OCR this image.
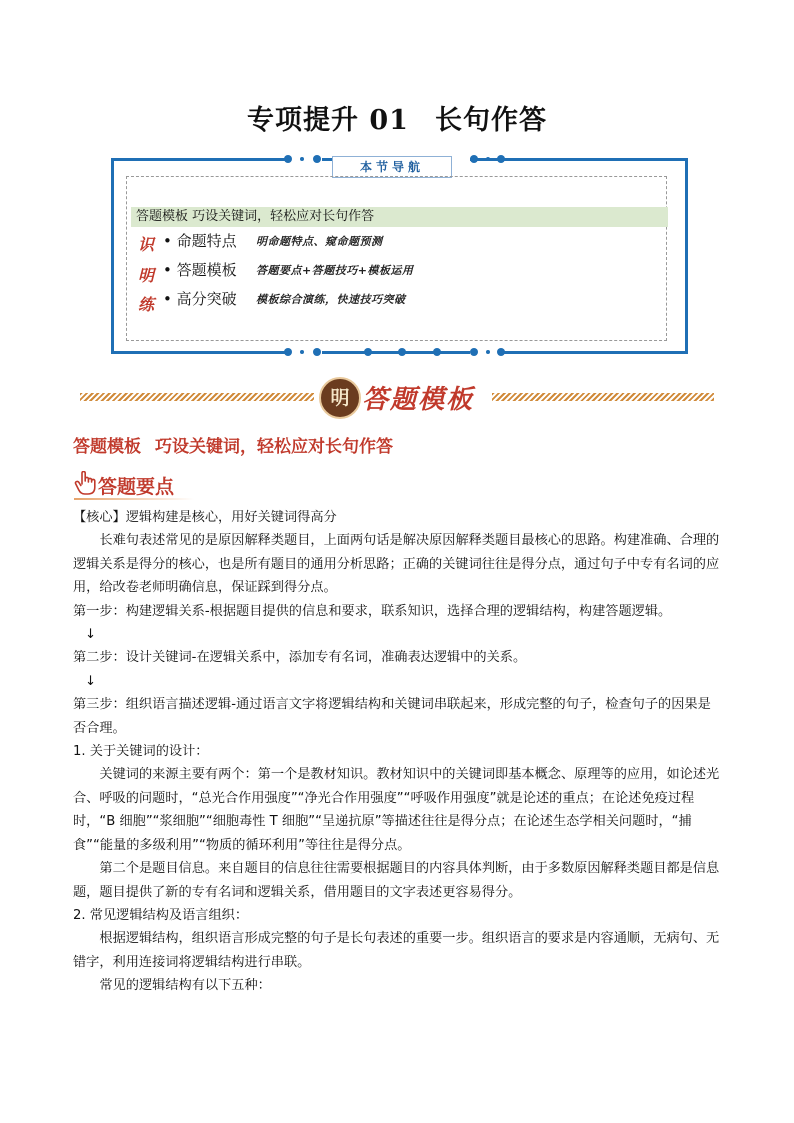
专项提升 01 长句作答
本节导航
答题模板 巧设关键词，轻松应对长句作答
识
明
练
• 命题特点 明命题特点、窥命题预测
• 答题模板 答题要点+答题技巧+模板运用
• 高分突破 模板综合演练，快速技巧突破
明 答题模板
答题模板 巧设关键词，轻松应对长句作答
答题要点

【核心】逻辑构建是核心，用好关键词得高分

长难句表述常见的是原因解释类题目，上面两句话是解决原因解释类题目最核心的思路。构建准确、合理的逻辑关系是得分的核心，也是所有题目的通用分析思路；正确的关键词往往是得分点，通过句子中专有名词的应用，给改卷老师明确信息，保证踩到得分点。

第一步：构建逻辑关系-根据题目提供的信息和要求，联系知识，选择合理的逻辑结构，构建答题逻辑。

↓

第二步：设计关键词-在逻辑关系中，添加专有名词，准确表达逻辑中的关系。

↓

第三步：组织语言描述逻辑-通过语言文字将逻辑结构和关键词串联起来，形成完整的句子，检查句子的因果是否合理。

1. 关于关键词的设计：

关键词的来源主要有两个：第一个是教材知识。教材知识中的关键词即基本概念、原理等的应用，如论述光合、呼吸的问题时，“总光合作用强度”“净光合作用强度”“呼吸作用强度”就是论述的重点；在论述免疫过程时，“B 细胞”“浆细胞”“细胞毒性 T 细胞”“呈递抗原”等描述往往是得分点；在论述生态学相关问题时，“捕食”“能量的多级利用”“物质的循环利用”等往往是得分点。

第二个是题目信息。来自题目的信息往往需要根据题目的内容具体判断，由于多数原因解释类题目都是信息题，题目提供了新的专有名词和逻辑关系，借用题目的文字表述更容易得分。

2. 常见逻辑结构及语言组织：

根据逻辑结构，组织语言形成完整的句子是长句表述的重要一步。组织语言的要求是内容通顺，无病句、无错字，利用连接词将逻辑结构进行串联。

常见的逻辑结构有以下五种：
